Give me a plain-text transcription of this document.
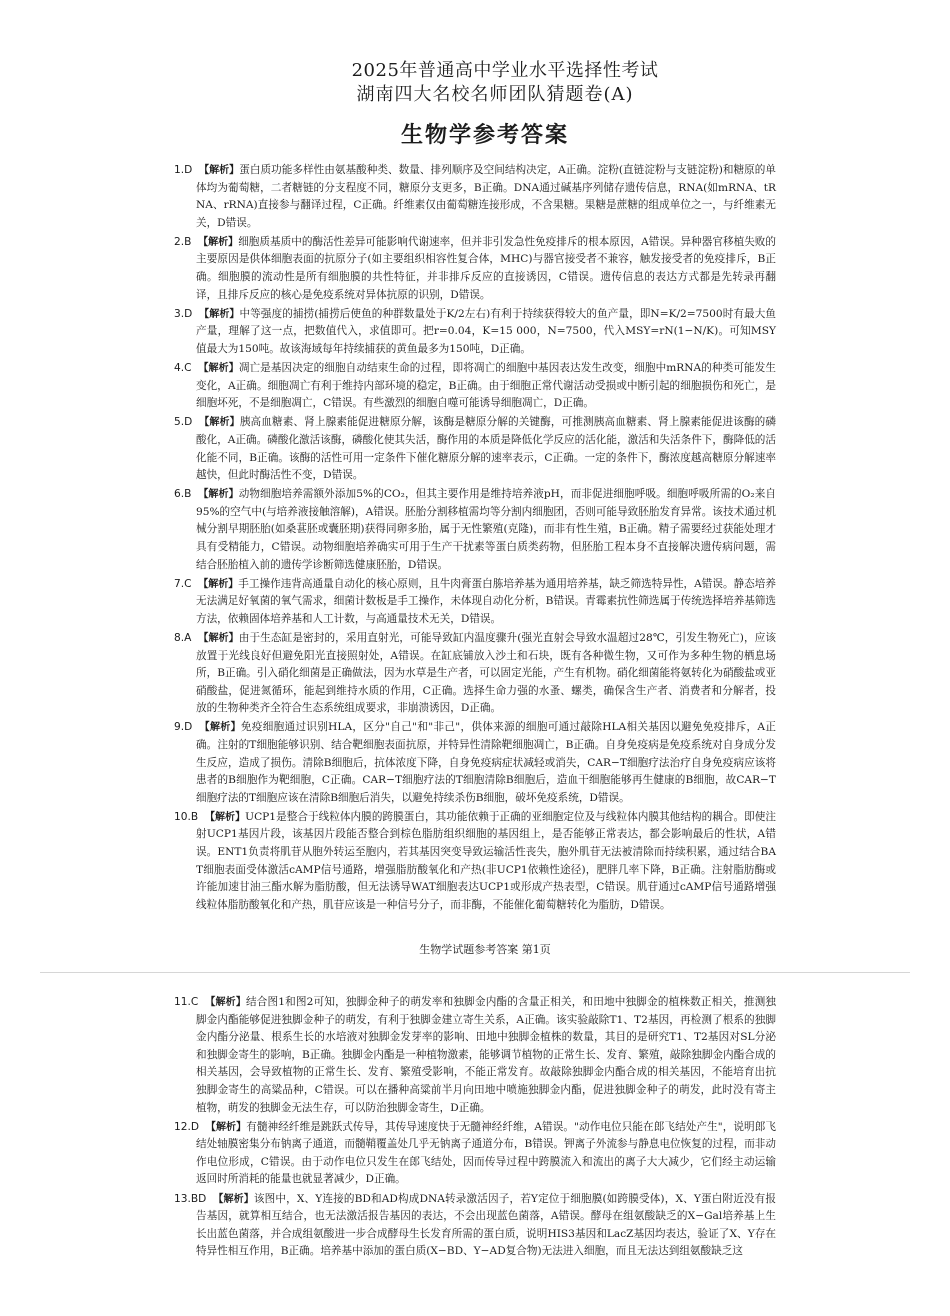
2025年普通高中学业水平选择性考试
湖南四大名校名师团队猜题卷(A)
生物学参考答案
1.D 【解析】蛋白质功能多样性由氨基酸种类、数量、排列顺序及空间结构决定，A正确。淀粉(直链淀粉与支链淀粉)和糖原的单体均为葡萄糖，二者糖链的分支程度不同，糖原分支更多，B正确。DNA通过碱基序列储存遗传信息，RNA(如mRNA、tRNA、rRNA)直接参与翻译过程，C正确。纤维素仅由葡萄糖连接形成，不含果糖。果糖是蔗糖的组成单位之一，与纤维素无关，D错误。
2.B 【解析】细胞质基质中的酶活性差异可能影响代谢速率，但并非引发急性免疫排斥的根本原因，A错误。异种器官移植失败的主要原因是供体细胞表面的抗原分子(如主要组织相容性复合体，MHC)与器官接受者不兼容，触发接受者的免疫排斥，B正确。细胞膜的流动性是所有细胞膜的共性特征，并非排斥反应的直接诱因，C错误。遗传信息的表达方式都是先转录再翻译，且排斥反应的核心是免疫系统对异体抗原的识别，D错误。
3.D 【解析】中等强度的捕捞(捕捞后使鱼的种群数量处于K/2左右)有利于持续获得较大的鱼产量，即N=K/2=7500时有最大鱼产量，理解了这一点，把数值代入，求值即可。把r=0.04，K=15 000，N=7500，代入MSY=rN(1−N/K)。可知MSY值最大为150吨。故该海域每年持续捕获的黄鱼最多为150吨，D正确。
4.C 【解析】凋亡是基因决定的细胞自动结束生命的过程，即将凋亡的细胞中基因表达发生改变，细胞中mRNA的种类可能发生变化，A正确。细胞凋亡有利于维持内部环境的稳定，B正确。由于细胞正常代谢活动受损或中断引起的细胞损伤和死亡，是细胞坏死，不是细胞凋亡，C错误。有些激烈的细胞自噬可能诱导细胞凋亡，D正确。
5.D 【解析】胰高血糖素、肾上腺素能促进糖原分解，该酶是糖原分解的关键酶，可推测胰高血糖素、肾上腺素能促进该酶的磷酸化，A正确。磷酸化激活该酶，磷酸化使其失活，酶作用的本质是降低化学反应的活化能，激活和失活条件下，酶降低的活化能不同，B正确。该酶的活性可用一定条件下催化糖原分解的速率表示，C正确。一定的条件下，酶浓度越高糖原分解速率越快，但此时酶活性不变，D错误。
6.B 【解析】动物细胞培养需额外添加5%的CO₂，但其主要作用是维持培养液pH，而非促进细胞呼吸。细胞呼吸所需的O₂来自95%的空气中(与培养液接触溶解)，A错误。胚胎分割移植需均等分割内细胞团，否则可能导致胚胎发育异常。该技术通过机械分割早期胚胎(如桑葚胚或囊胚期)获得同卵多胎，属于无性繁殖(克隆)，而非有性生殖，B正确。精子需要经过获能处理才具有受精能力，C错误。动物细胞培养确实可用于生产干扰素等蛋白质类药物，但胚胎工程本身不直接解决遗传病问题，需结合胚胎植入前的遗传学诊断筛选健康胚胎，D错误。
7.C 【解析】手工操作违背高通量自动化的核心原则，且牛肉膏蛋白胨培养基为通用培养基，缺乏筛选特异性，A错误。静态培养无法满足好氧菌的氧气需求，细菌计数板是手工操作，未体现自动化分析，B错误。青霉素抗性筛选属于传统选择培养基筛选方法，依赖固体培养基和人工计数，与高通量技术无关，D错误。
8.A 【解析】由于生态缸是密封的，采用直射光，可能导致缸内温度骤升(强光直射会导致水温超过28℃，引发生物死亡)，应该放置于光线良好但避免阳光直接照射处，A错误。在缸底铺放入沙土和石块，既有各种微生物，又可作为多种生物的栖息场所，B正确。引入硝化细菌是正确做法，因为水草是生产者，可以固定光能，产生有机物。硝化细菌能将氨转化为硝酸盐或亚硝酸盐，促进氮循环，能起到维持水质的作用，C正确。选择生命力强的水蚤、螺类，确保含生产者、消费者和分解者，投放的生物种类齐全符合生态系统组成要求，非崩溃诱因，D正确。
9.D 【解析】免疫细胞通过识别HLA，区分"自己"和"非己"，供体来源的细胞可通过敲除HLA相关基因以避免免疫排斥，A正确。注射的T细胞能够识别、结合靶细胞表面抗原，并特异性清除靶细胞凋亡，B正确。自身免疫病是免疫系统对自身成分发生反应，造成了损伤。清除B细胞后，抗体浓度下降，自身免疫病症状减轻或消失，CAR−T细胞疗法治疗自身免疫病应该将患者的B细胞作为靶细胞，C正确。CAR−T细胞疗法的T细胞清除B细胞后，造血干细胞能够再生健康的B细胞，故CAR−T细胞疗法的T细胞应该在清除B细胞后消失，以避免持续杀伤B细胞，破坏免疫系统，D错误。
10.B 【解析】UCP1是整合于线粒体内膜的跨膜蛋白，其功能依赖于正确的亚细胞定位及与线粒体内膜其他结构的耦合。即使注射UCP1基因片段，该基因片段能否整合到棕色脂肪组织细胞的基因组上，是否能够正常表达，都会影响最后的性状，A错误。ENT1负责将肌苷从胞外转运至胞内，若其基因突变导致运输活性丧失，胞外肌苷无法被清除而持续积累，通过结合BAT细胞表面受体激活cAMP信号通路，增强脂肪酸氧化和产热(非UCP1依赖性途径)，肥胖几率下降，B正确。注射脂肪酶或许能加速甘油三酯水解为脂肪酸，但无法诱导WAT细胞表达UCP1或形成产热表型，C错误。肌苷通过cAMP信号通路增强线粒体脂肪酸氧化和产热，肌苷应该是一种信号分子，而非酶，不能催化葡萄糖转化为脂肪，D错误。
生物学试题参考答案 第1页
11.C 【解析】结合图1和图2可知，独脚金种子的萌发率和独脚金内酯的含量正相关，和田地中独脚金的植株数正相关，推测独脚金内酯能够促进独脚金种子的萌发，有利于独脚金建立寄生关系，A正确。该实验敲除T1、T2基因，再检测了根系的独脚金内酯分泌量、根系生长的水培液对独脚金发芽率的影响、田地中独脚金植株的数量，其目的是研究T1、T2基因对SL分泌和独脚金寄生的影响，B正确。独脚金内酯是一种植物激素，能够调节植物的正常生长、发育、繁殖，敲除独脚金内酯合成的相关基因，会导致植物的正常生长、发育、繁殖受影响，不能正常发育。故敲除独脚金内酯合成的相关基因，不能培育出抗独脚金寄生的高粱品种，C错误。可以在播种高粱前半月向田地中喷施独脚金内酯，促进独脚金种子的萌发，此时没有寄主植物，萌发的独脚金无法生存，可以防治独脚金寄生，D正确。
12.D 【解析】有髓神经纤维是跳跃式传导，其传导速度快于无髓神经纤维，A错误。"动作电位只能在郎飞结处产生"，说明郎飞结处轴膜密集分布钠离子通道，而髓鞘覆盖处几乎无钠离子通道分布，B错误。钾离子外流参与静息电位恢复的过程，而非动作电位形成，C错误。由于动作电位只发生在郎飞结处，因而传导过程中跨膜流入和流出的离子大大减少，它们经主动运输返回时所消耗的能量也就显著减少，D正确。
13.BD 【解析】该图中，X、Y连接的BD和AD构成DNA转录激活因子，若Y定位于细胞膜(如跨膜受体)，X、Y蛋白附近没有报告基因，就算相互结合，也无法激活报告基因的表达，不会出现蓝色菌落，A错误。酵母在组氨酸缺乏的X−Gal培养基上生长出蓝色菌落，并合成组氨酸进一步合成酵母生长发育所需的蛋白质，说明HIS3基因和LacZ基因均表达，验证了X、Y存在特异性相互作用，B正确。培养基中添加的蛋白质(X−BD、Y−AD复合物)无法进入细胞，而且无法达到组氨酸缺乏这
